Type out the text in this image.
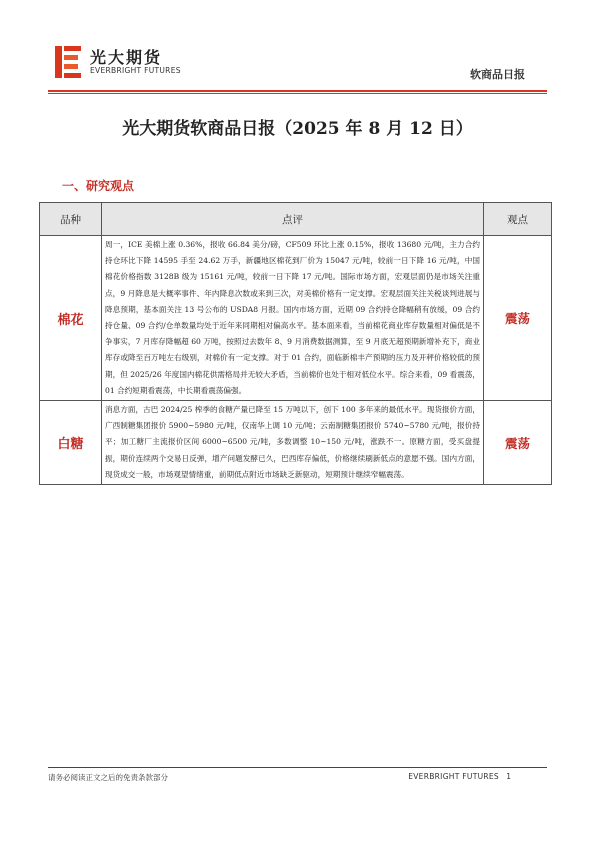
光大期货
EVERBRIGHT FUTURES	软商品日报
光大期货软商品日报（2025 年 8 月 12 日）
一、研究观点
品种	点评	观点
棉花	周一，ICE 美棉上涨 0.36%，报收 66.84 美分/磅，CF509 环比上涨 0.15%，报收 13680 元/吨，主力合约持仓环比下降 14595 手至 24.62 万手，新疆地区棉花到厂价为 15047 元/吨，较前一日下降 16 元/吨，中国棉花价格指数 3128B 级为 15161 元/吨，较前一日下降 17 元/吨。国际市场方面，宏观层面仍是市场关注重点，9 月降息是大概率事件、年内降息次数或来到三次，对美棉价格有一定支撑。宏观层面关注关税谈判进展与降息预期，基本面关注 13 号公布的 USDA8 月报。国内市场方面，近期 09 合约持仓降幅稍有放缓，09 合约持仓量、09 合约/仓单数量均处于近年来同期相对偏高水平。基本面来看，当前棉花商业库存数量相对偏低是不争事实，7 月库存降幅超 60 万吨，按照过去数年 8、9 月消费数据测算，至 9 月底无超预期新增补充下，商业库存或降至百万吨左右级别，对棉价有一定支撑。对于 01 合约，面临新棉丰产预期的压力及开秤价格较低的预期，但 2025/26 年度国内棉花供需格局并无较大矛盾，当前棉价也处于相对低位水平。综合来看，09 看震荡，01 合约短期看震荡，中长期看震荡偏强。	震荡
白糖	消息方面，古巴 2024/25 榨季的食糖产量已降至 15 万吨以下，创下 100 多年来的最低水平。现货报价方面，广西制糖集团报价 5900~5980 元/吨，仅南华上调 10 元/吨；云南制糖集团报价 5740~5780 元/吨，报价持平；加工糖厂主流报价区间 6000~6500 元/吨，多数调整 10~150 元/吨，涨跌不一。原糖方面，受买盘提振，期价连续两个交易日反弹，增产问题发酵已久，巴西库存偏低，价格继续刷新低点的意愿不强。国内方面，现货成交一般，市场观望情绪重，前期低点附近市场缺乏新驱动，短期预计继续窄幅震荡。	震荡
请务必阅读正文之后的免责条款部分	EVERBRIGHT FUTURES 1
